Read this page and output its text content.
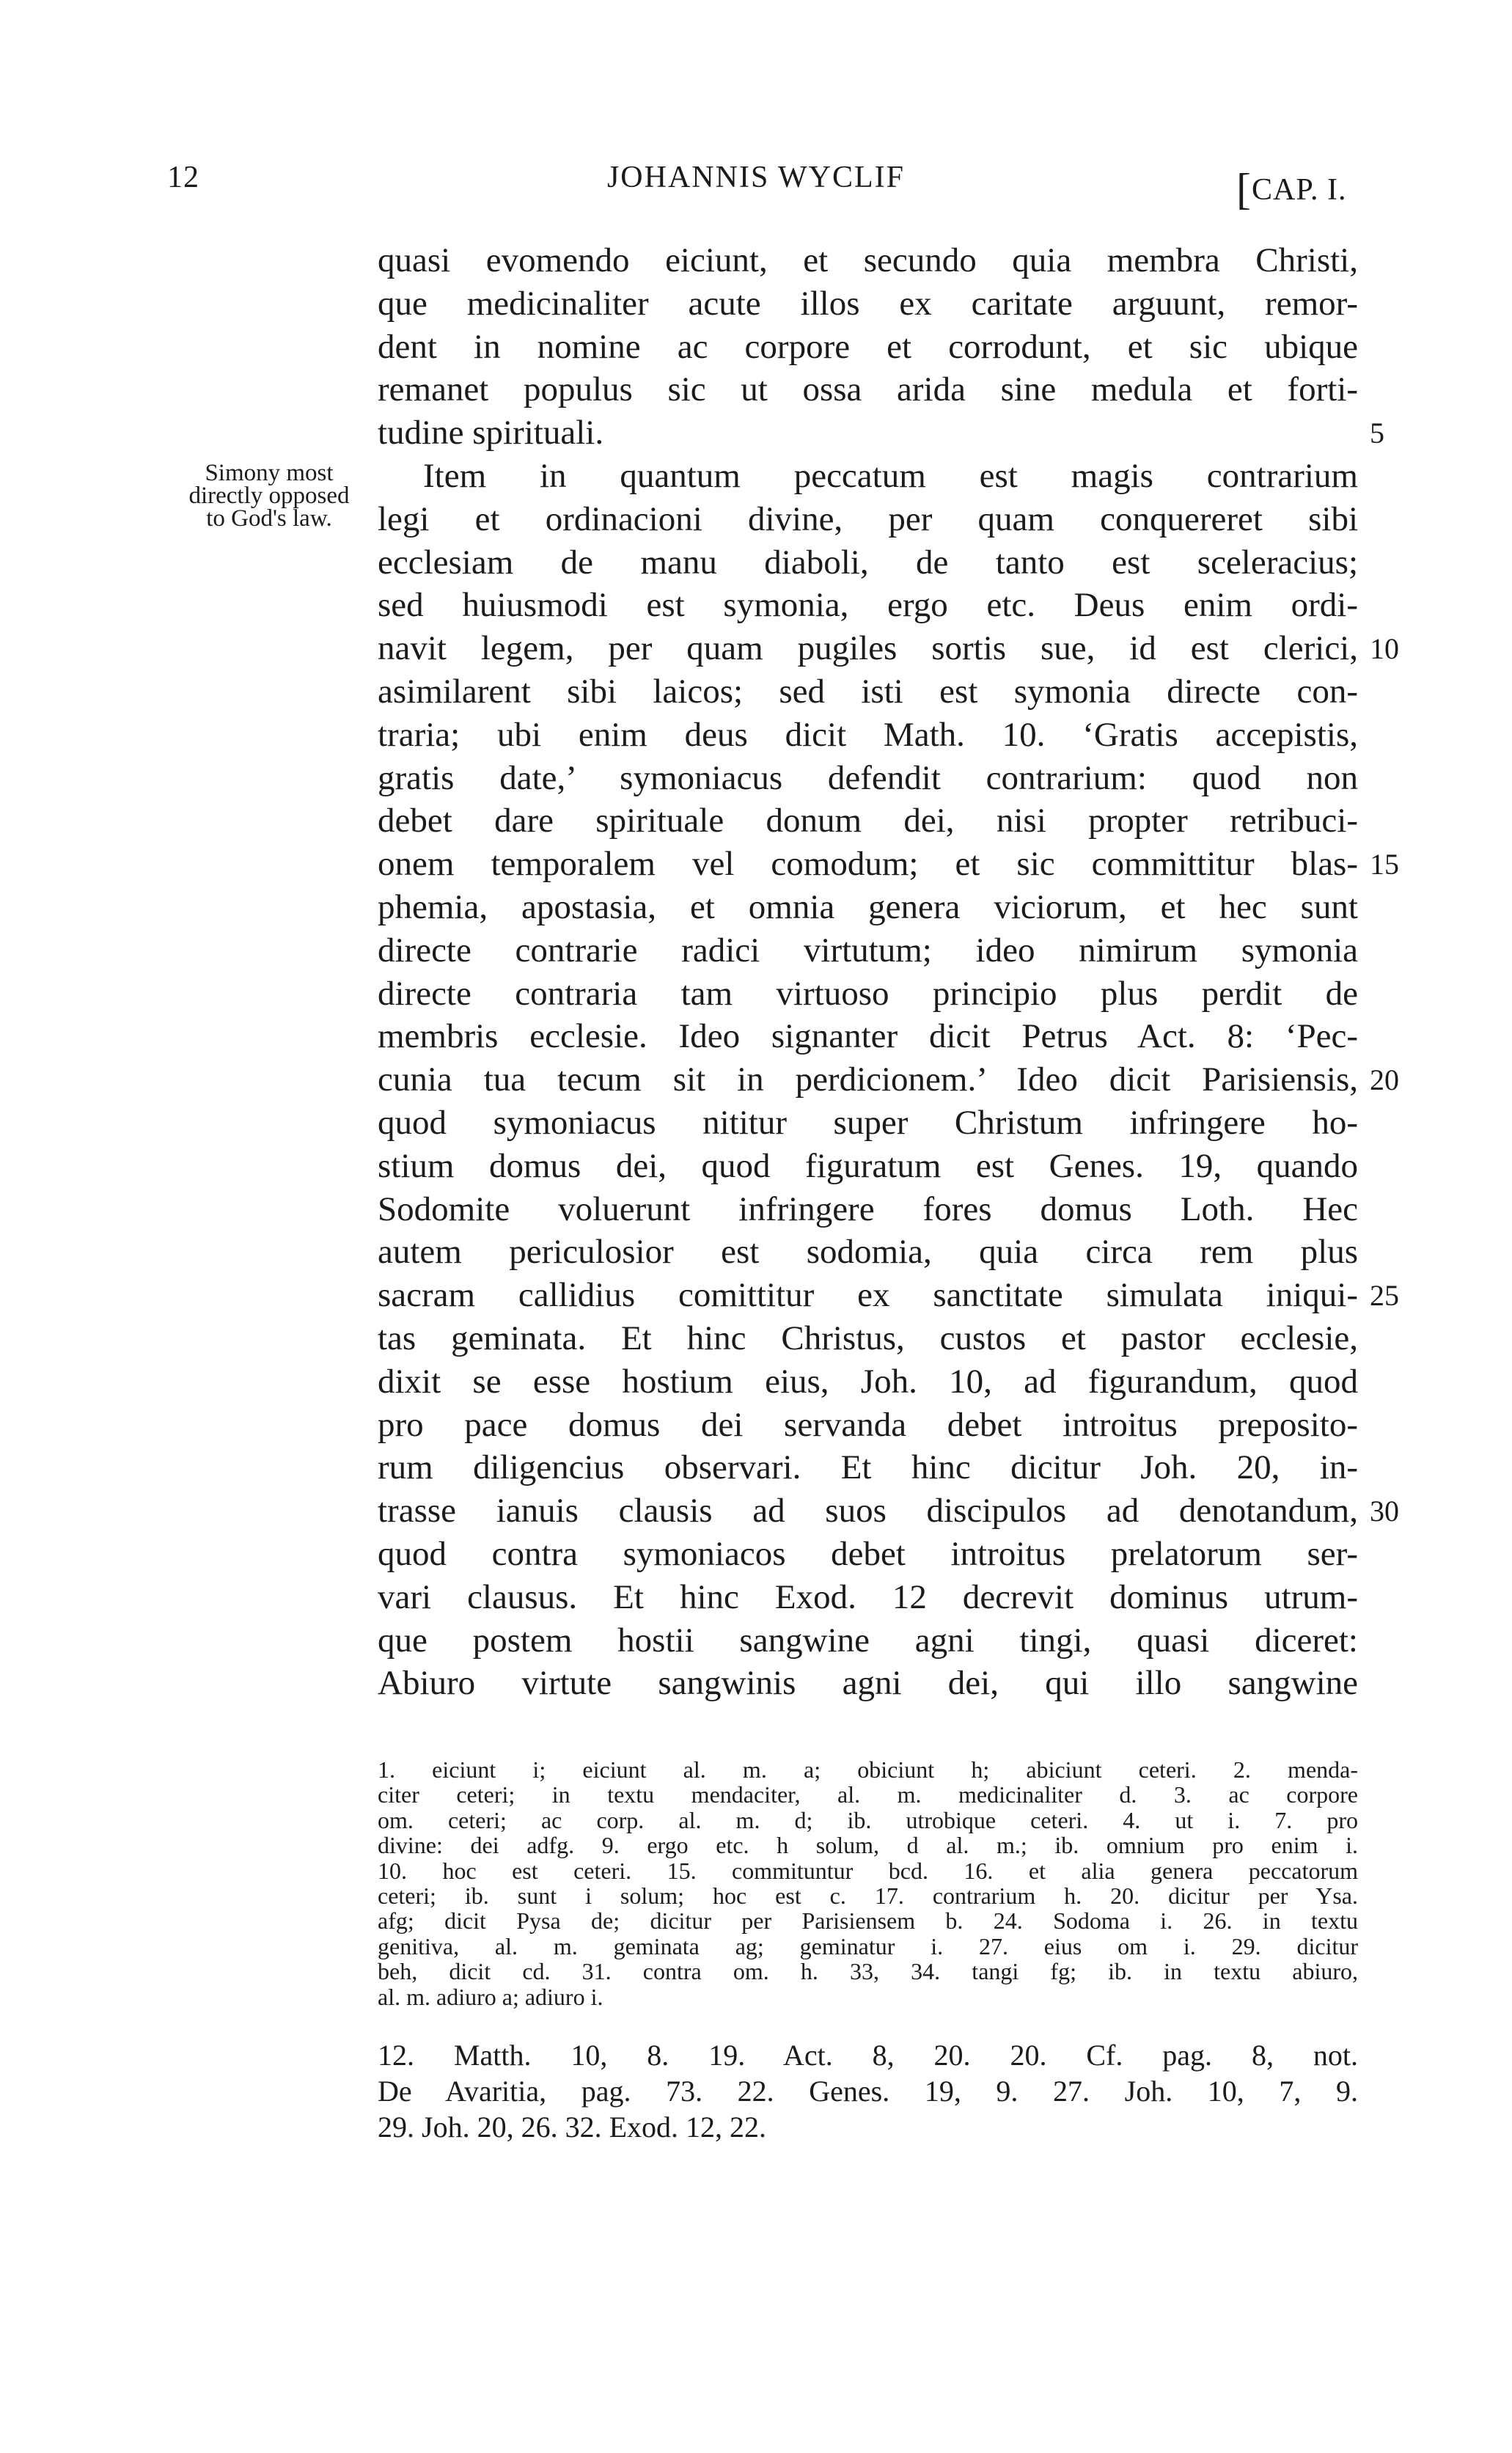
12	JOHANNIS WYCLIF	[CAP. I.
Simony most
directly opposed
to God's law.
quasi evomendo eiciunt, et secundo quia membra Christi,
que medicinaliter acute illos ex caritate arguunt, remor-
dent in nomine ac corpore et corrodunt, et sic ubique
remanet populus sic ut ossa arida sine medula et forti-
tudine spirituali.
Item in quantum peccatum est magis contrarium
legi et ordinacioni divine, per quam conquereret sibi
ecclesiam de manu diaboli, de tanto est sceleracius;
sed huiusmodi est symonia, ergo etc. Deus enim ordi-
navit legem, per quam pugiles sortis sue, id est clerici,
asimilarent sibi laicos; sed isti est symonia directe con-
traria; ubi enim deus dicit Math. 10. ‘Gratis accepistis,
gratis date,’ symoniacus defendit contrarium: quod non
debet dare spirituale donum dei, nisi propter retribuci-
onem temporalem vel comodum; et sic committitur blas-
phemia, apostasia, et omnia genera viciorum, et hec sunt
directe contrarie radici virtutum; ideo nimirum symonia
directe contraria tam virtuoso principio plus perdit de
membris ecclesie. Ideo signanter dicit Petrus Act. 8: ‘Pec-
cunia tua tecum sit in perdicionem.’ Ideo dicit Parisiensis,
quod symoniacus nititur super Christum infringere ho-
stium domus dei, quod figuratum est Genes. 19, quando
Sodomite voluerunt infringere fores domus Loth. Hec
autem periculosior est sodomia, quia circa rem plus
sacram callidius comittitur ex sanctitate simulata iniqui-
tas geminata. Et hinc Christus, custos et pastor ecclesie,
dixit se esse hostium eius, Joh. 10, ad figurandum, quod
pro pace domus dei servanda debet introitus preposito-
rum diligencius observari. Et hinc dicitur Joh. 20, in-
trasse ianuis clausis ad suos discipulos ad denotandum,
quod contra symoniacos debet introitus prelatorum ser-
vari clausus. Et hinc Exod. 12 decrevit dominus utrum-
que postem hostii sangwine agni tingi, quasi diceret:
Abiuro virtute sangwinis agni dei, qui illo sangwine
5
10
15
20
25
30
1. eiciunt i; eiciunt al. m. a; obiciunt h; abiciunt ceteri. 2. menda-
citer ceteri; in textu mendaciter, al. m. medicinaliter d. 3. ac corpore
om. ceteri; ac corp. al. m. d; ib. utrobique ceteri. 4. ut i. 7. pro
divine: dei adfg. 9. ergo etc. h solum, d al. m.; ib. omnium pro enim i.
10. hoc est ceteri. 15. commituntur bcd. 16. et alia genera peccatorum
ceteri; ib. sunt i solum; hoc est c. 17. contrarium h. 20. dicitur per Ysa.
afg; dicit Pysa de; dicitur per Parisiensem b. 24. Sodoma i. 26. in textu
genitiva, al. m. geminata ag; geminatur i. 27. eius om i. 29. dicitur
beh, dicit cd. 31. contra om. h. 33, 34. tangi fg; ib. in textu abiuro,
al. m. adiuro a; adiuro i.
12. Matth. 10, 8. 19. Act. 8, 20. 20. Cf. pag. 8, not.
De Avaritia, pag. 73. 22. Genes. 19, 9. 27. Joh. 10, 7, 9.
29. Joh. 20, 26. 32. Exod. 12, 22.
